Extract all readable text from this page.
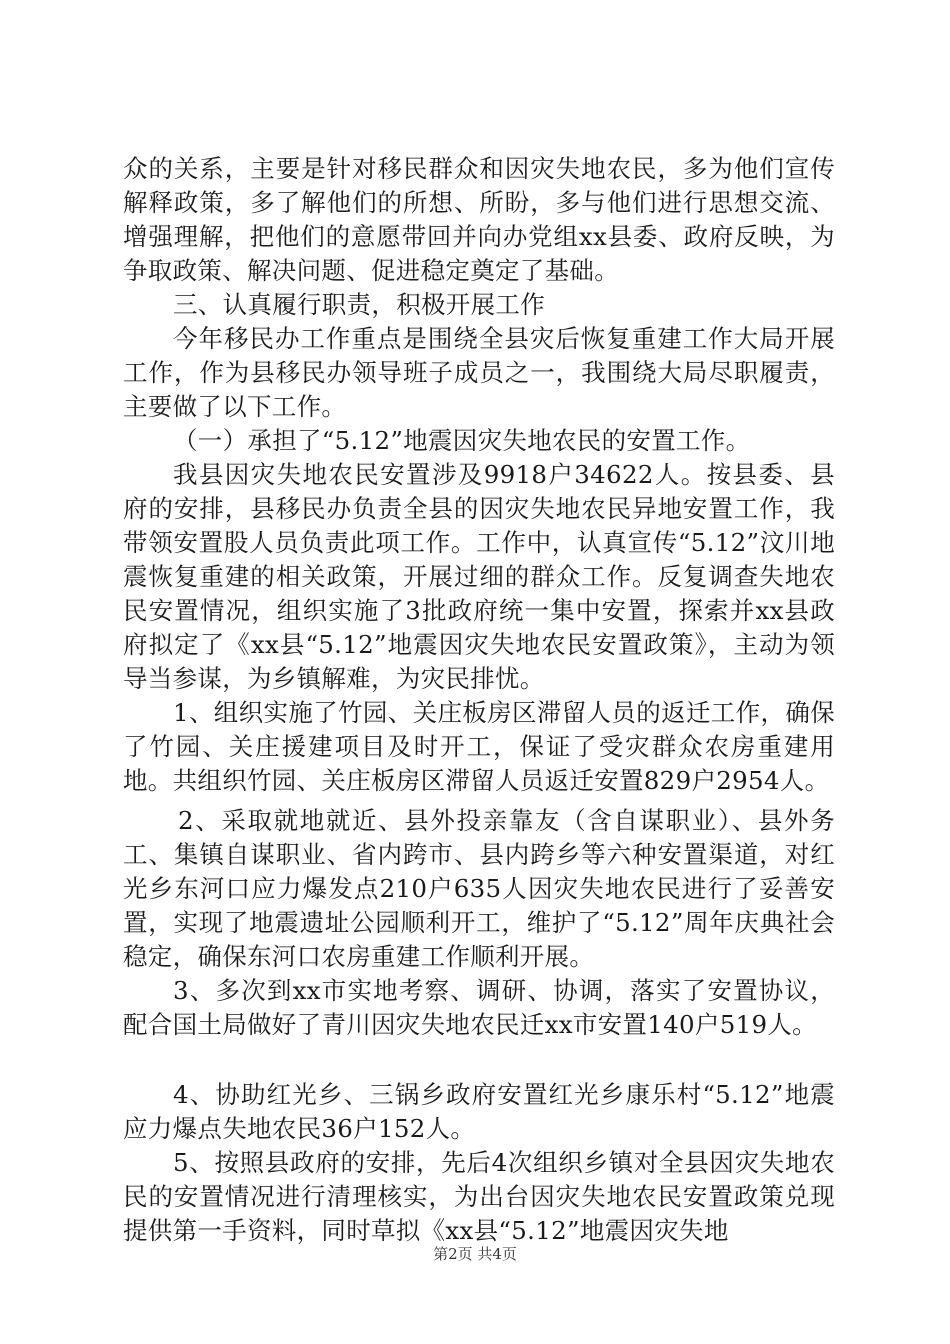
众的关系，主要是针对移民群众和因灾失地农民，多为他们宣传解释政策，多了解他们的所想、所盼，多与他们进行思想交流、增强理解，把他们的意愿带回并向办党组xx县委、政府反映，为争取政策、解决问题、促进稳定奠定了基础。

三、认真履行职责，积极开展工作

今年移民办工作重点是围绕全县灾后恢复重建工作大局开展工作，作为县移民办领导班子成员之一，我围绕大局尽职履责，主要做了以下工作。

（一）承担了“5.12”地震因灾失地农民的安置工作。

我县因灾失地农民安置涉及9918户34622人。按县委、县府的安排，县移民办负责全县的因灾失地农民异地安置工作，我带领安置股人员负责此项工作。工作中，认真宣传“5.12”汶川地震恢复重建的相关政策，开展过细的群众工作。反复调查失地农民安置情况，组织实施了3批政府统一集中安置，探索并xx县政府拟定了《xx县“5.12”地震因灾失地农民安置政策》，主动为领导当参谋，为乡镇解难，为灾民排忧。

1、组织实施了竹园、关庄板房区滞留人员的返迁工作，确保了竹园、关庄援建项目及时开工，保证了受灾群众农房重建用地。共组织竹园、关庄板房区滞留人员返迁安置829户2954人。

2、采取就地就近、县外投亲靠友（含自谋职业）、县外务工、集镇自谋职业、省内跨市、县内跨乡等六种安置渠道，对红光乡东河口应力爆发点210户635人因灾失地农民进行了妥善安置，实现了地震遗址公园顺利开工，维护了“5.12”周年庆典社会稳定，确保东河口农房重建工作顺利开展。

3、多次到xx市实地考察、调研、协调，落实了安置协议，配合国土局做好了青川因灾失地农民迁xx市安置140户519人。

4、协助红光乡、三锅乡政府安置红光乡康乐村“5.12”地震应力爆点失地农民36户152人。

5、按照县政府的安排，先后4次组织乡镇对全县因灾失地农民的安置情况进行清理核实，为出台因灾失地农民安置政策兑现提供第一手资料，同时草拟《xx县“5.12”地震因灾失地

第2页 共4页
